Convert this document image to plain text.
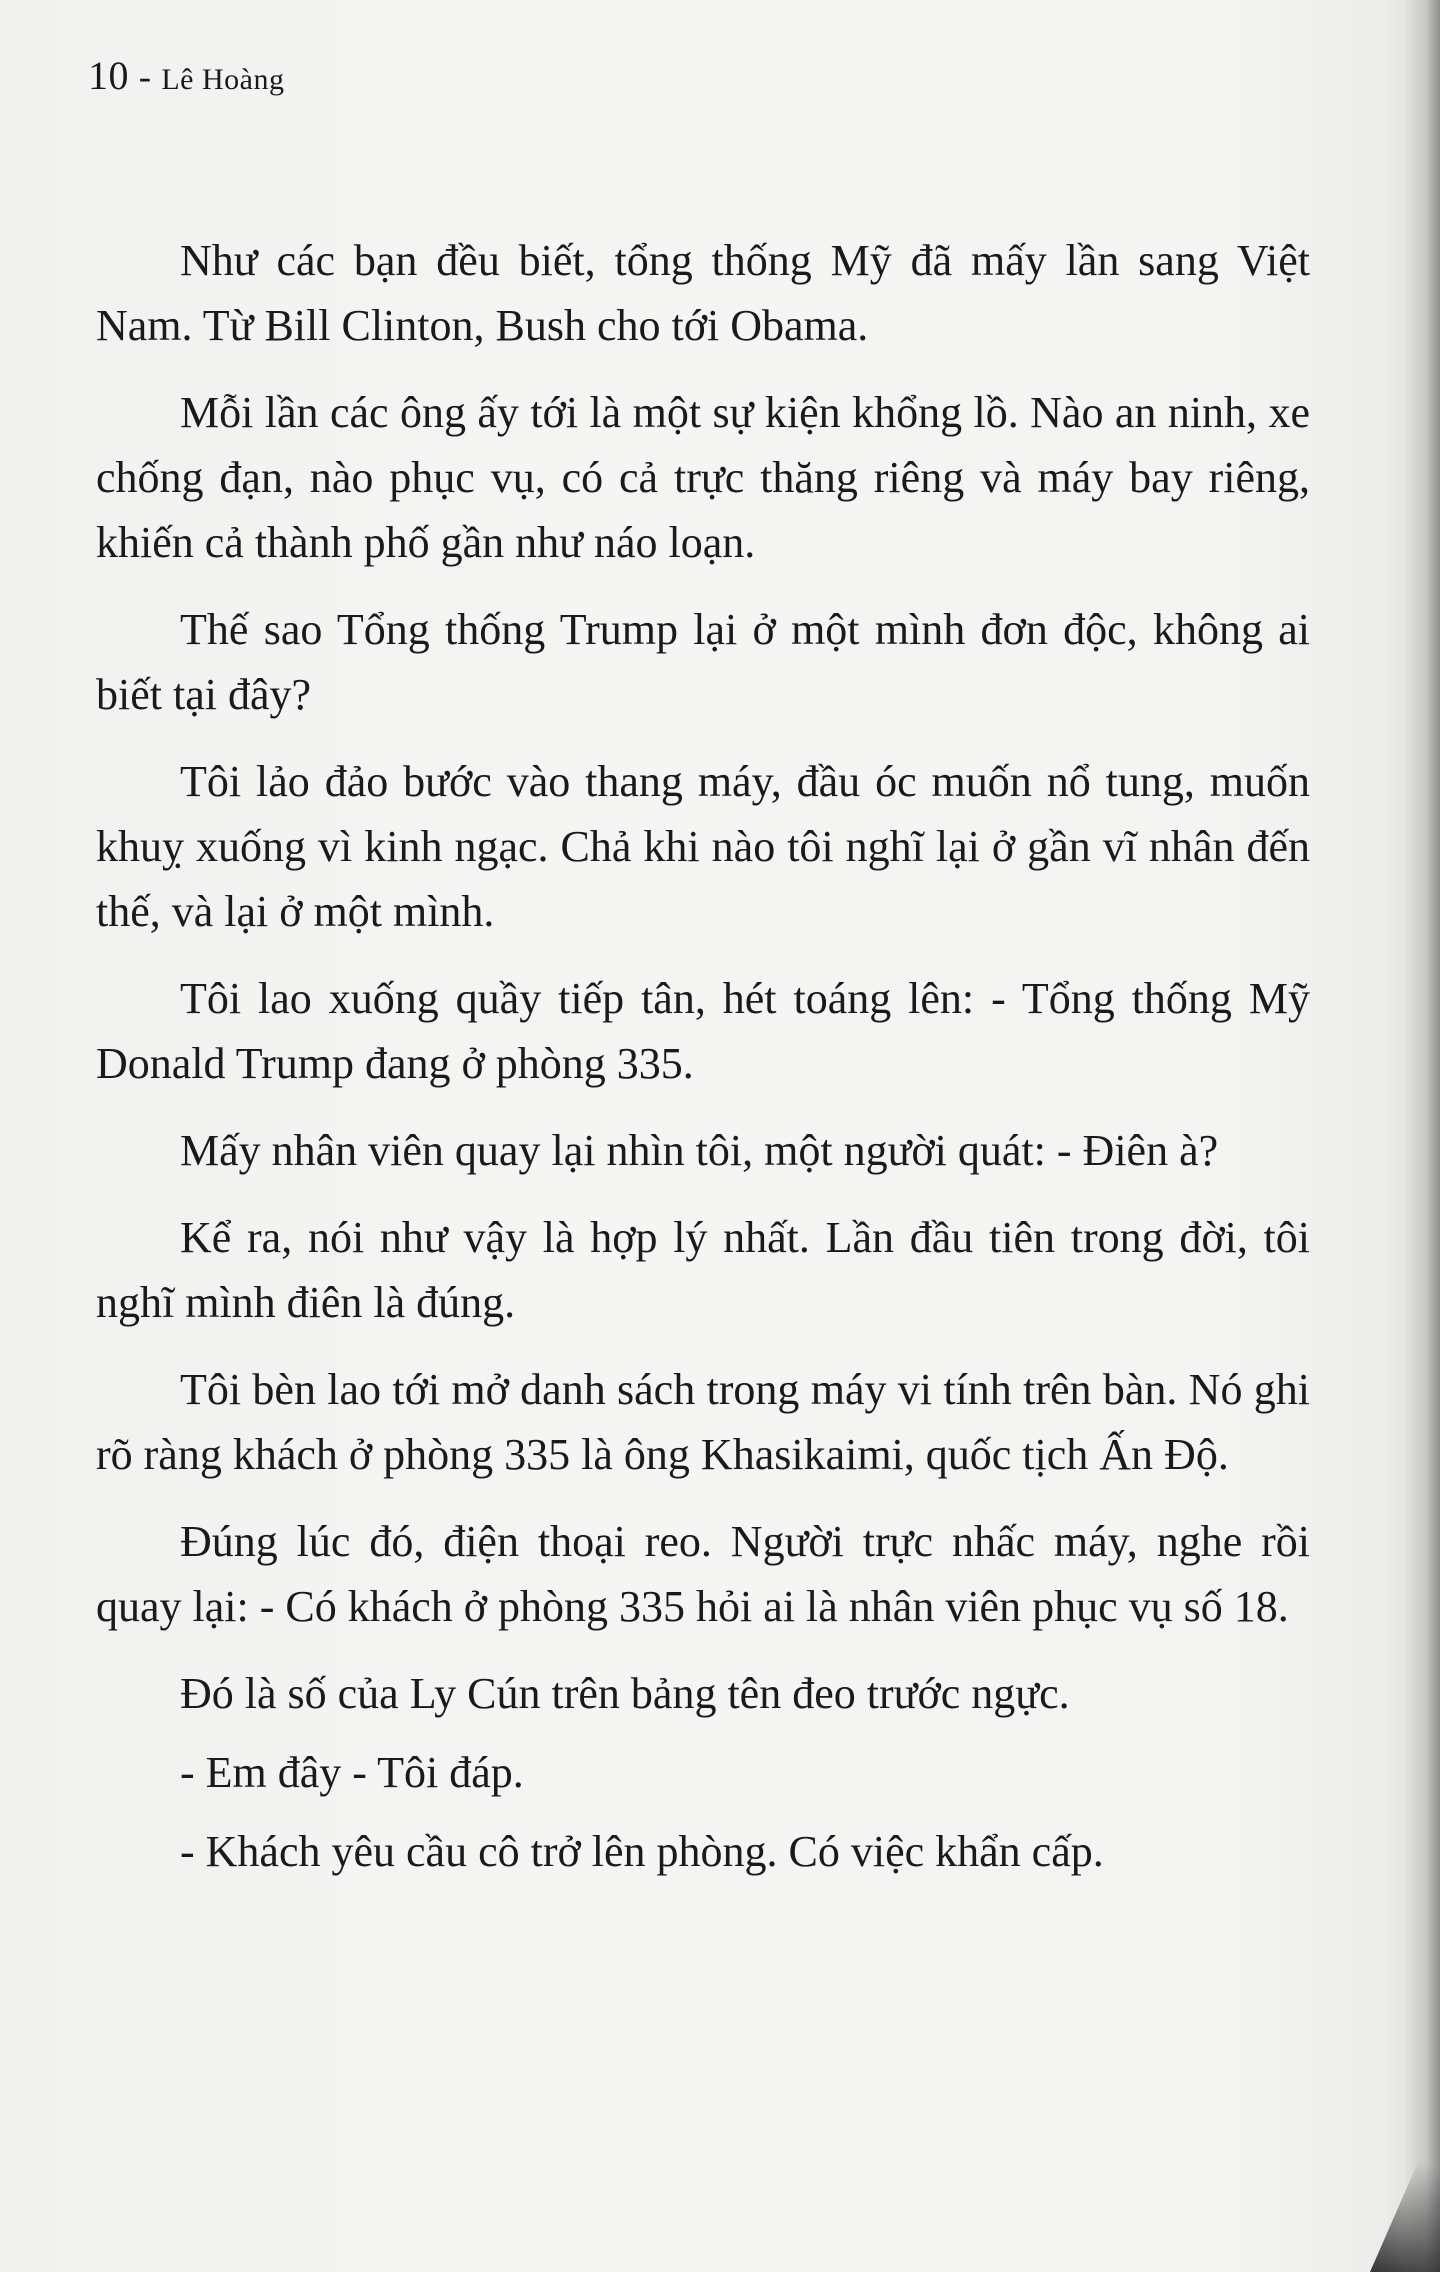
10 - Lê Hoàng

Như các bạn đều biết, tổng thống Mỹ đã mấy lần sang Việt Nam. Từ Bill Clinton, Bush cho tới Obama.

Mỗi lần các ông ấy tới là một sự kiện khổng lồ. Nào an ninh, xe chống đạn, nào phục vụ, có cả trực thăng riêng và máy bay riêng, khiến cả thành phố gần như náo loạn.

Thế sao Tổng thống Trump lại ở một mình đơn độc, không ai biết tại đây?

Tôi lảo đảo bước vào thang máy, đầu óc muốn nổ tung, muốn khuỵ xuống vì kinh ngạc. Chả khi nào tôi nghĩ lại ở gần vĩ nhân đến thế, và lại ở một mình.

Tôi lao xuống quầy tiếp tân, hét toáng lên: - Tổng thống Mỹ Donald Trump đang ở phòng 335.

Mấy nhân viên quay lại nhìn tôi, một người quát: - Điên à?

Kể ra, nói như vậy là hợp lý nhất. Lần đầu tiên trong đời, tôi nghĩ mình điên là đúng.

Tôi bèn lao tới mở danh sách trong máy vi tính trên bàn. Nó ghi rõ ràng khách ở phòng 335 là ông Khasikaimi, quốc tịch Ấn Độ.

Đúng lúc đó, điện thoại reo. Người trực nhấc máy, nghe rồi quay lại: - Có khách ở phòng 335 hỏi ai là nhân viên phục vụ số 18.

Đó là số của Ly Cún trên bảng tên đeo trước ngực.

- Em đây - Tôi đáp.

- Khách yêu cầu cô trở lên phòng. Có việc khẩn cấp.
